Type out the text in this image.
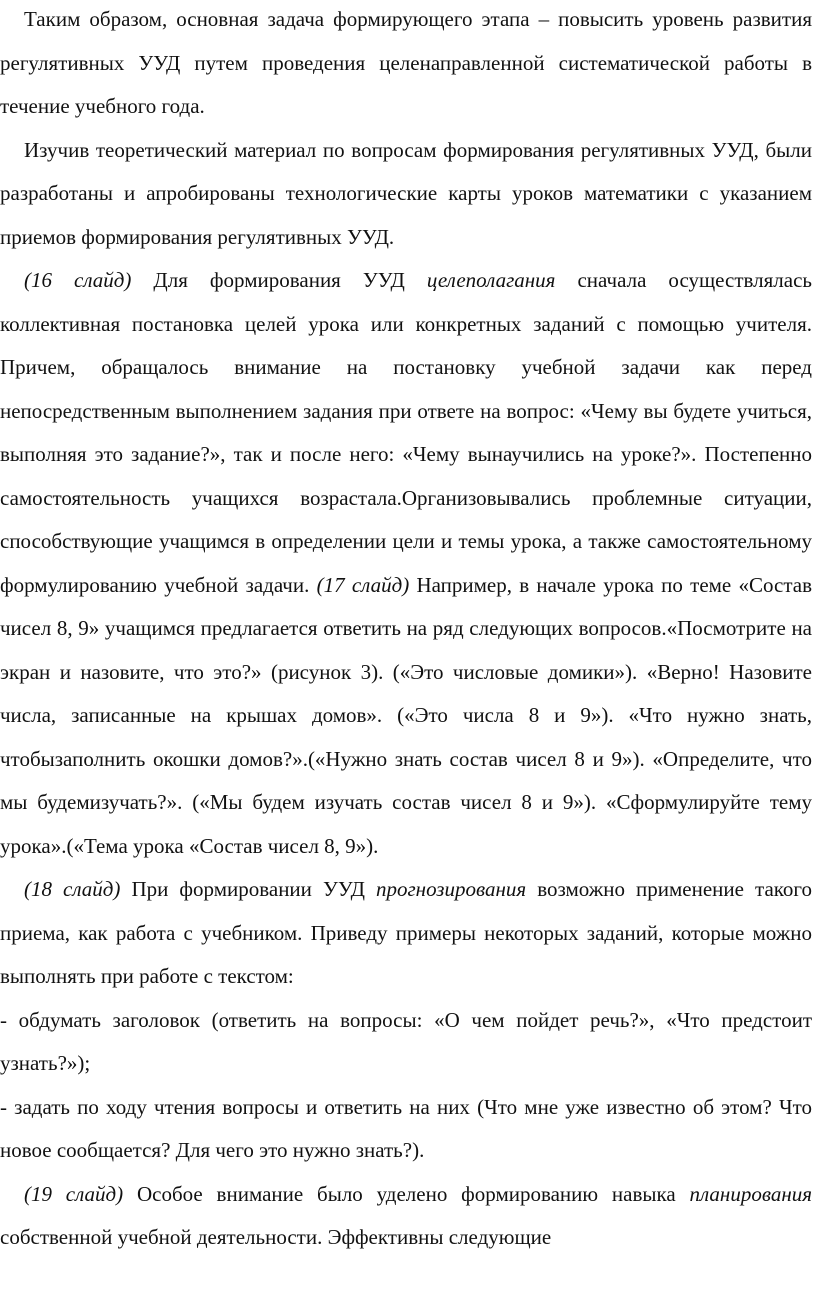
Таким образом, основная задача формирующего этапа – повысить уровень развития регулятивных УУД путем проведения целенаправленной систематической работы в течение учебного года.

Изучив теоретический материал по вопросам формирования регулятивных УУД, были разработаны и апробированы технологические карты уроков математики с указанием приемов формирования регулятивных УУД.

(16 слайд) Для формирования УУД целеполагания сначала осуществлялась коллективная постановка целей урока или конкретных заданий с помощью учителя. Причем, обращалось внимание на постановку учебной задачи как перед непосредственным выполнением задания при ответе на вопрос: «Чему вы будете учиться, выполняя это задание?», так и после него: «Чему вынаучились на уроке?». Постепенно самостоятельность учащихся возрастала.Организовывались проблемные ситуации, способствующие учащимся в определении цели и темы урока, а также самостоятельному формулированию учебной задачи. (17 слайд) Например, в начале урока по теме «Состав чисел 8, 9» учащимся предлагается ответить на ряд следующих вопросов.«Посмотрите на экран и назовите, что это?» (рисунок 3). («Это числовые домики»). «Верно! Назовите числа, записанные на крышах домов». («Это числа 8 и 9»). «Что нужно знать, чтобызаполнить окошки домов?».(«Нужно знать состав чисел 8 и 9»). «Определите, что мы будемизучать?». («Мы будем изучать состав чисел 8 и 9»). «Сформулируйте тему урока».(«Тема урока «Состав чисел 8, 9»).

(18 слайд) При формировании УУД прогнозирования возможно применение такого приема, как работа с учебником. Приведу примеры некоторых заданий, которые можно выполнять при работе с текстом:

- обдумать заголовок (ответить на вопросы: «О чем пойдет речь?», «Что предстоит узнать?»);

- задать по ходу чтения вопросы и ответить на них (Что мне уже известно об этом? Что новое сообщается? Для чего это нужно знать?).

(19 слайд) Особое внимание было уделено формированию навыка планирования собственной учебной деятельности. Эффективны следующие
